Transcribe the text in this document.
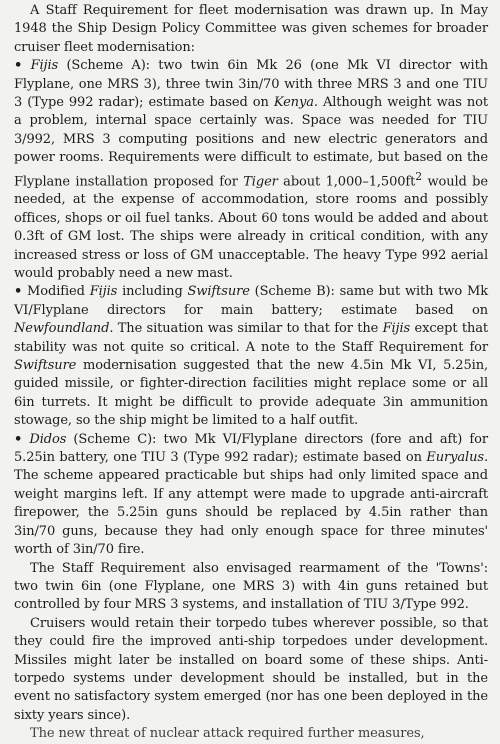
A Staff Requirement for fleet modernisation was drawn up. In May 1948 the Ship Design Policy Committee was given schemes for broader cruiser fleet modernisation:

• Fijis (Scheme A): two twin 6in Mk 26 (one Mk VI director with Flyplane, one MRS 3), three twin 3in/70 with three MRS 3 and one TIU 3 (Type 992 radar); estimate based on Kenya. Although weight was not a problem, internal space certainly was. Space was needed for TIU 3/992, MRS 3 computing positions and new electric generators and power rooms. Requirements were difficult to estimate, but based on the Flyplane installation proposed for Tiger about $1,000-1,500ft^2$ would be needed, at the expense of accommodation, store rooms and possibly offices, shops or oil fuel tanks. About 60 tons would be added and about 0.3ft of GM lost. The ships were already in critical condition, with any increased stress or loss of GM unacceptable. The heavy Type 992 aerial would probably need a new mast.

• Modified Fijis including Swiftsure (Scheme B): same but with two Mk VI/Flyplane directors for main battery; estimate based on Newfoundland. The situation was similar to that for the Fijis except that stability was not quite so critical. A note to the Staff Requirement for Swiftsure modernisation suggested that the new 4.5in Mk VI, 5.25in, guided missile, or fighter-direction facilities might replace some or all 6in turrets. It might be difficult to provide adequate 3in ammunition stowage, so the ship might be limited to a half outfit.

• Didos (Scheme C): two Mk VI/Flyplane directors (fore and aft) for 5.25in battery, one TIU 3 (Type 992 radar); estimate based on Euryalus. The scheme appeared practicable but ships had only limited space and weight margins left. If any attempt were made to upgrade anti-aircraft firepower, the 5.25in guns should be replaced by 4.5in rather than 3in/70 guns, because they had only enough space for three minutes' worth of 3in/70 fire.

The Staff Requirement also envisaged rearmament of the 'Towns': two twin 6in (one Flyplane, one MRS 3) with 4in guns retained but controlled by four MRS 3 systems, and installation of TIU 3/Type 992.

Cruisers would retain their torpedo tubes wherever possible, so that they could fire the improved anti-ship torpedoes under development. Missiles might later be installed on board some of these ships. Anti-torpedo systems under development should be installed, but in the event no satisfactory system emerged (nor has one been deployed in the sixty years since).

The new threat of nuclear attack required further measures,
